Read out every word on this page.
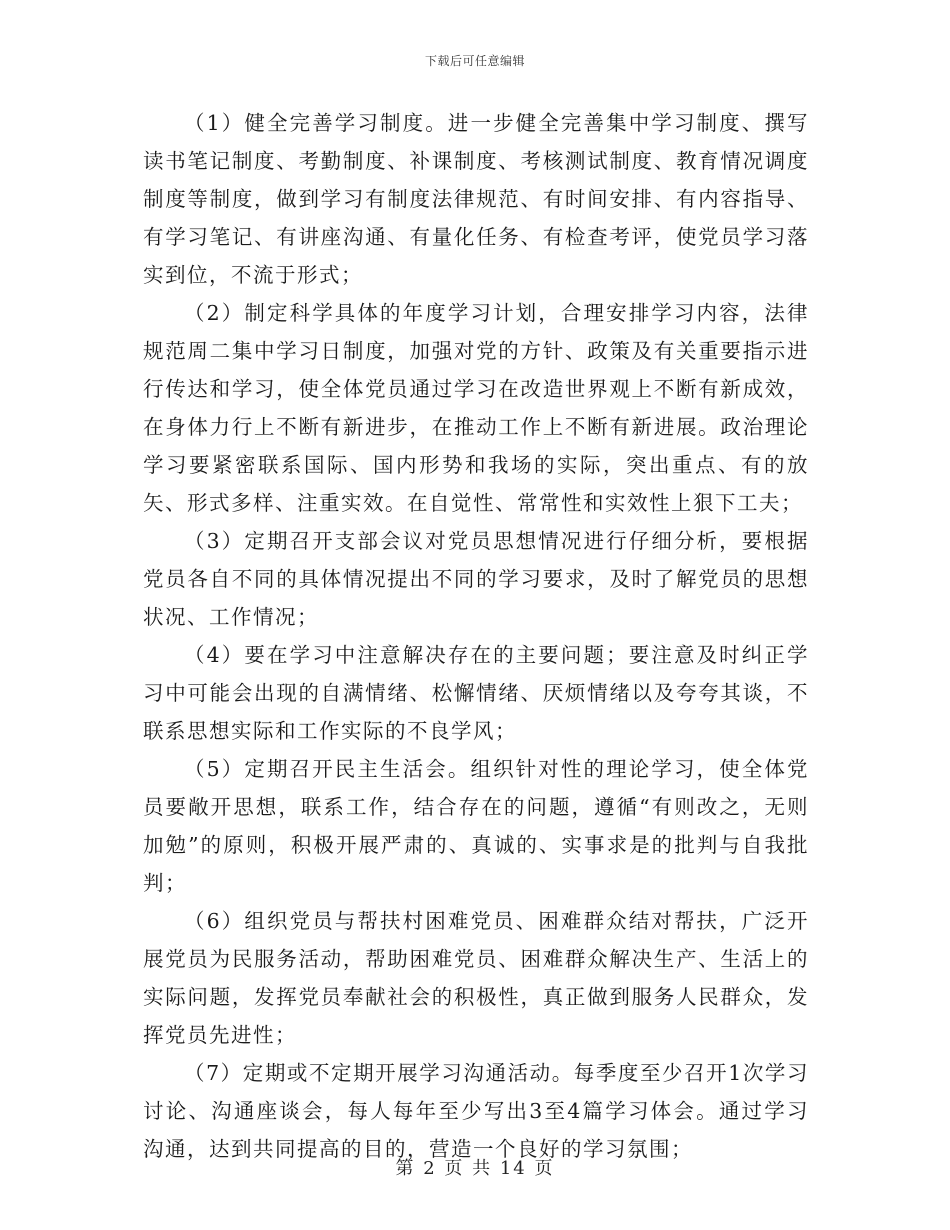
下载后可任意编辑

（1）健全完善学习制度。进一步健全完善集中学习制度、撰写读书笔记制度、考勤制度、补课制度、考核测试制度、教育情况调度制度等制度，做到学习有制度法律规范、有时间安排、有内容指导、有学习笔记、有讲座沟通、有量化任务、有检查考评，使党员学习落实到位，不流于形式；

（2）制定科学具体的年度学习计划，合理安排学习内容，法律规范周二集中学习日制度，加强对党的方针、政策及有关重要指示进行传达和学习，使全体党员通过学习在改造世界观上不断有新成效，在身体力行上不断有新进步，在推动工作上不断有新进展。政治理论学习要紧密联系国际、国内形势和我场的实际，突出重点、有的放矢、形式多样、注重实效。在自觉性、常常性和实效性上狠下工夫；

（3）定期召开支部会议对党员思想情况进行仔细分析，要根据党员各自不同的具体情况提出不同的学习要求，及时了解党员的思想状况、工作情况；

（4）要在学习中注意解决存在的主要问题；要注意及时纠正学习中可能会出现的自满情绪、松懈情绪、厌烦情绪以及夸夸其谈，不联系思想实际和工作实际的不良学风；

（5）定期召开民主生活会。组织针对性的理论学习，使全体党员要敞开思想，联系工作，结合存在的问题，遵循“有则改之，无则加勉”的原则，积极开展严肃的、真诚的、实事求是的批判与自我批判；

（6）组织党员与帮扶村困难党员、困难群众结对帮扶，广泛开展党员为民服务活动，帮助困难党员、困难群众解决生产、生活上的实际问题，发挥党员奉献社会的积极性，真正做到服务人民群众，发挥党员先进性；

（7）定期或不定期开展学习沟通活动。每季度至少召开1次学习讨论、沟通座谈会，每人每年至少写出3至4篇学习体会。通过学习沟通，达到共同提高的目的，营造一个良好的学习氛围；

第 2 页 共 14 页
